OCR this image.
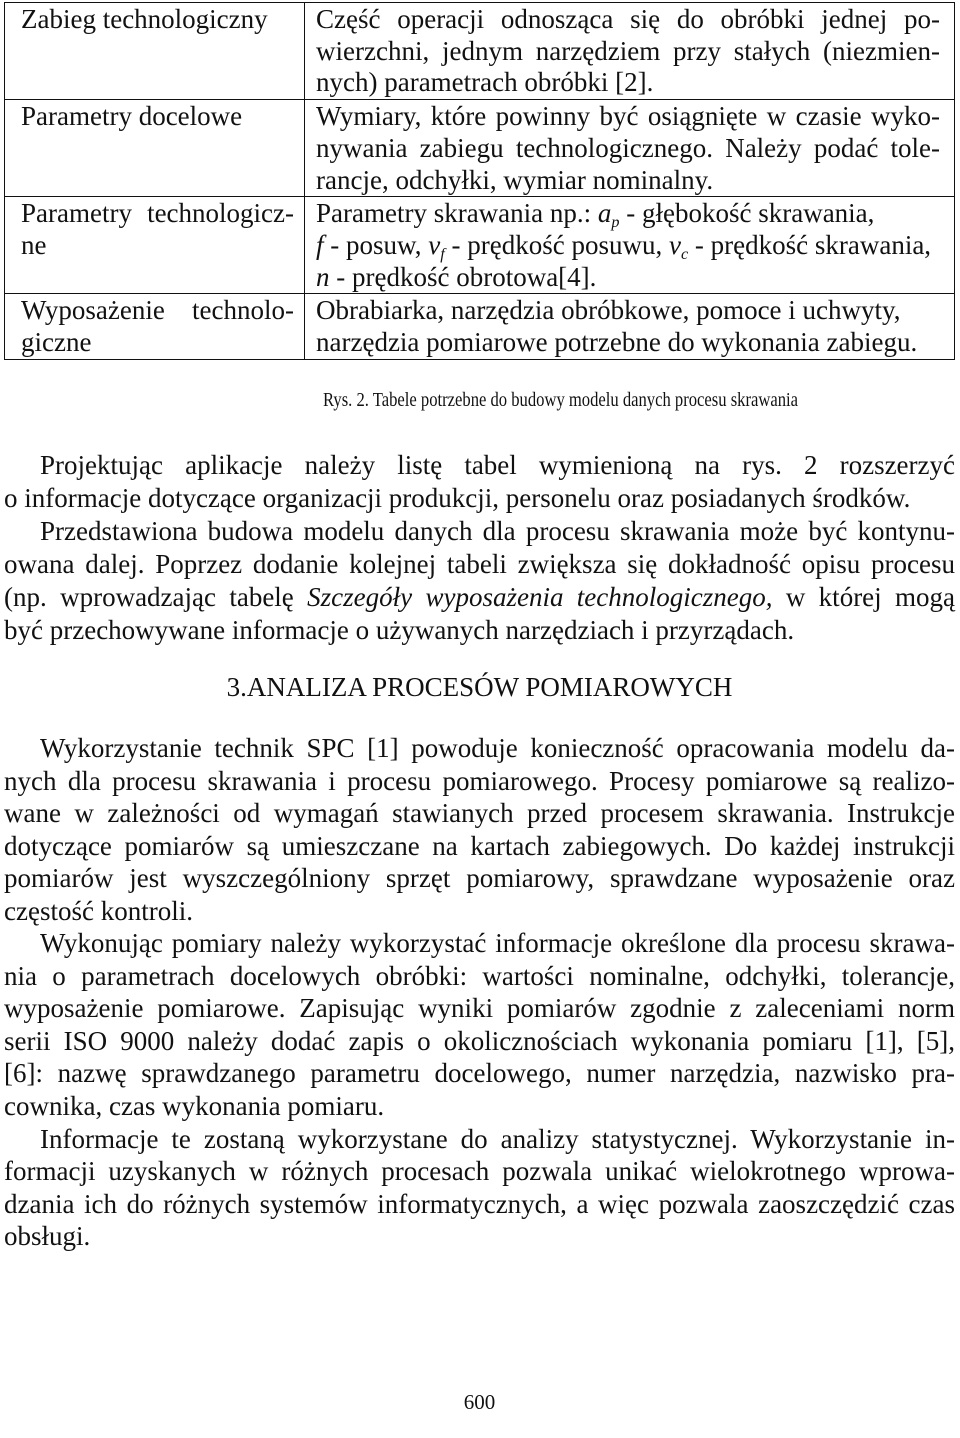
Zabieg technologiczny	Część operacji odnosząca się do obróbki jednej po-
wierzchni, jednym narzędziem przy stałych (niezmien-
nych) parametrach obróbki [2].
Parametry docelowe	Wymiary, które powinny być osiągnięte w czasie wyko-
nywania zabiegu technologicznego. Należy podać tole-
rancje, odchyłki, wymiar nominalny.
Parametry technologicz-
ne
Parametry skrawania np.: ap - głębokość skrawania,
f - posuw, vf - prędkość posuwu, vc - prędkość skrawania,
n - prędkość obrotowa[4].
Wyposażenie technolo-
giczne
Obrabiarka, narzędzia obróbkowe, pomoce i uchwyty,
narzędzia pomiarowe potrzebne do wykonania zabiegu.
Rys. 2. Tabele potrzebne do budowy modelu danych procesu skrawania
Projektując aplikacje należy listę tabel wymienioną na rys. 2 rozszerzyć
o informacje dotyczące organizacji produkcji, personelu oraz posiadanych środków.
Przedstawiona budowa modelu danych dla procesu skrawania może być kontynu-
owana dalej. Poprzez dodanie kolejnej tabeli zwiększa się dokładność opisu procesu
(np. wprowadzając tabelę Szczegóły wyposażenia technologicznego, w której mogą
być przechowywane informacje o używanych narzędziach i przyrządach.
3.ANALIZA PROCESÓW POMIAROWYCH
Wykorzystanie technik SPC [1] powoduje konieczność opracowania modelu da-
nych dla procesu skrawania i procesu pomiarowego. Procesy pomiarowe są realizo-
wane w zależności od wymagań stawianych przed procesem skrawania. Instrukcje
dotyczące pomiarów są umieszczane na kartach zabiegowych. Do każdej instrukcji
pomiarów jest wyszczególniony sprzęt pomiarowy, sprawdzane wyposażenie oraz
częstość kontroli.
Wykonując pomiary należy wykorzystać informacje określone dla procesu skrawa-
nia o parametrach docelowych obróbki: wartości nominalne, odchyłki, tolerancje,
wyposażenie pomiarowe. Zapisując wyniki pomiarów zgodnie z zaleceniami norm
serii ISO 9000 należy dodać zapis o okolicznościach wykonania pomiaru [1], [5],
[6]: nazwę sprawdzanego parametru docelowego, numer narzędzia, nazwisko pra-
cownika, czas wykonania pomiaru.
Informacje te zostaną wykorzystane do analizy statystycznej. Wykorzystanie in-
formacji uzyskanych w różnych procesach pozwala unikać wielokrotnego wprowa-
dzania ich do różnych systemów informatycznych, a więc pozwala zaoszczędzić czas
obsługi.
600
